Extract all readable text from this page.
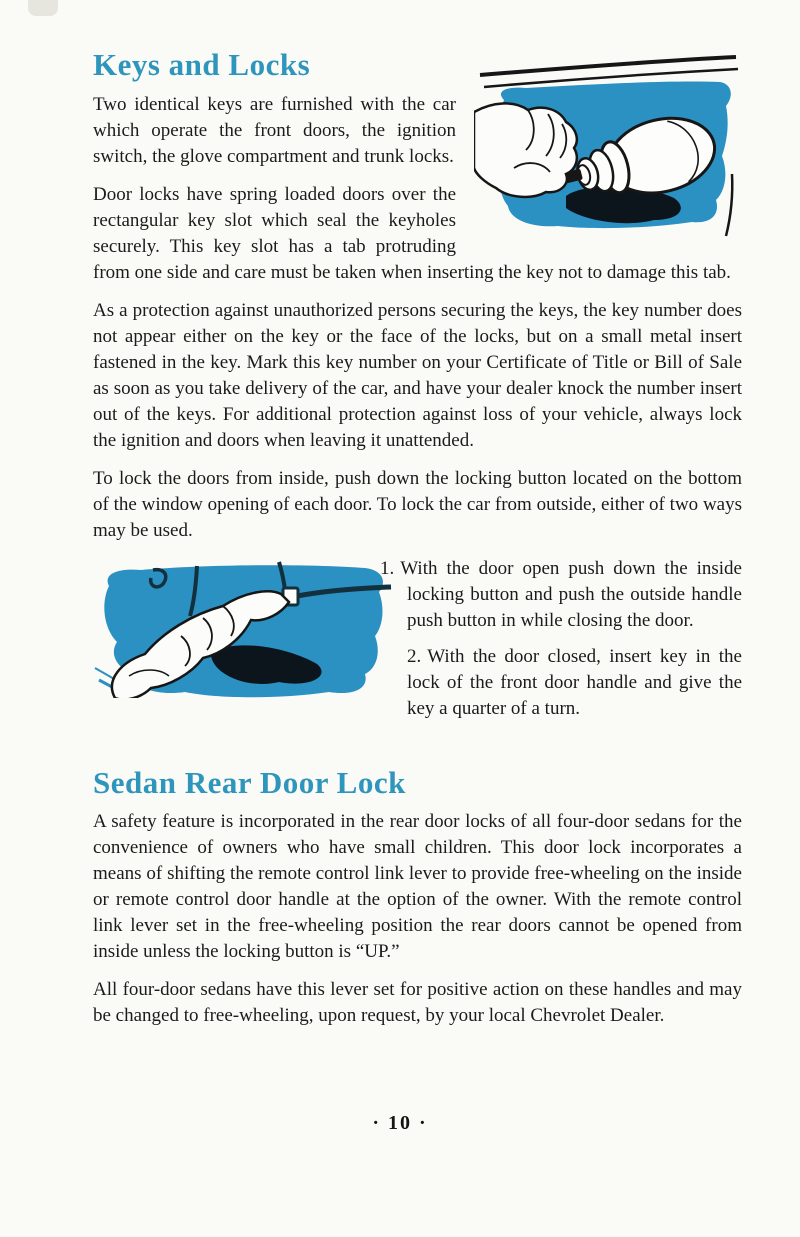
Keys and Locks

Two identical keys are furnished with the car which operate the front doors, the ignition switch, the glove compartment and trunk locks.

Door locks have spring loaded doors over the rectangular key slot which seal the keyholes securely. This key slot has a tab protruding from one side and care must be taken when inserting the key not to damage this tab.

As a protection against unauthorized persons securing the keys, the key number does not appear either on the key or the face of the locks, but on a small metal insert fastened in the key. Mark this key number on your Certificate of Title or Bill of Sale as soon as you take delivery of the car, and have your dealer knock the number insert out of the keys. For additional protection against loss of your vehicle, always lock the ignition and doors when leaving it unattended.

To lock the doors from inside, push down the locking button located on the bottom of the window opening of each door. To lock the car from outside, either of two ways may be used.

1. With the door open push down the inside locking button and push the outside handle push button in while closing the door.

2. With the door closed, insert key in the lock of the front door handle and give the key a quarter of a turn.

Sedan Rear Door Lock

A safety feature is incorporated in the rear door locks of all four-door sedans for the convenience of owners who have small children. This door lock incorporates a means of shifting the remote control link lever to provide free-wheeling on the inside or remote control door handle at the option of the owner. With the remote control link lever set in the free-wheeling position the rear doors cannot be opened from inside unless the locking button is “UP.”

All four-door sedans have this lever set for positive action on these handles and may be changed to free-wheeling, upon request, by your local Chevrolet Dealer.

· 10 ·
